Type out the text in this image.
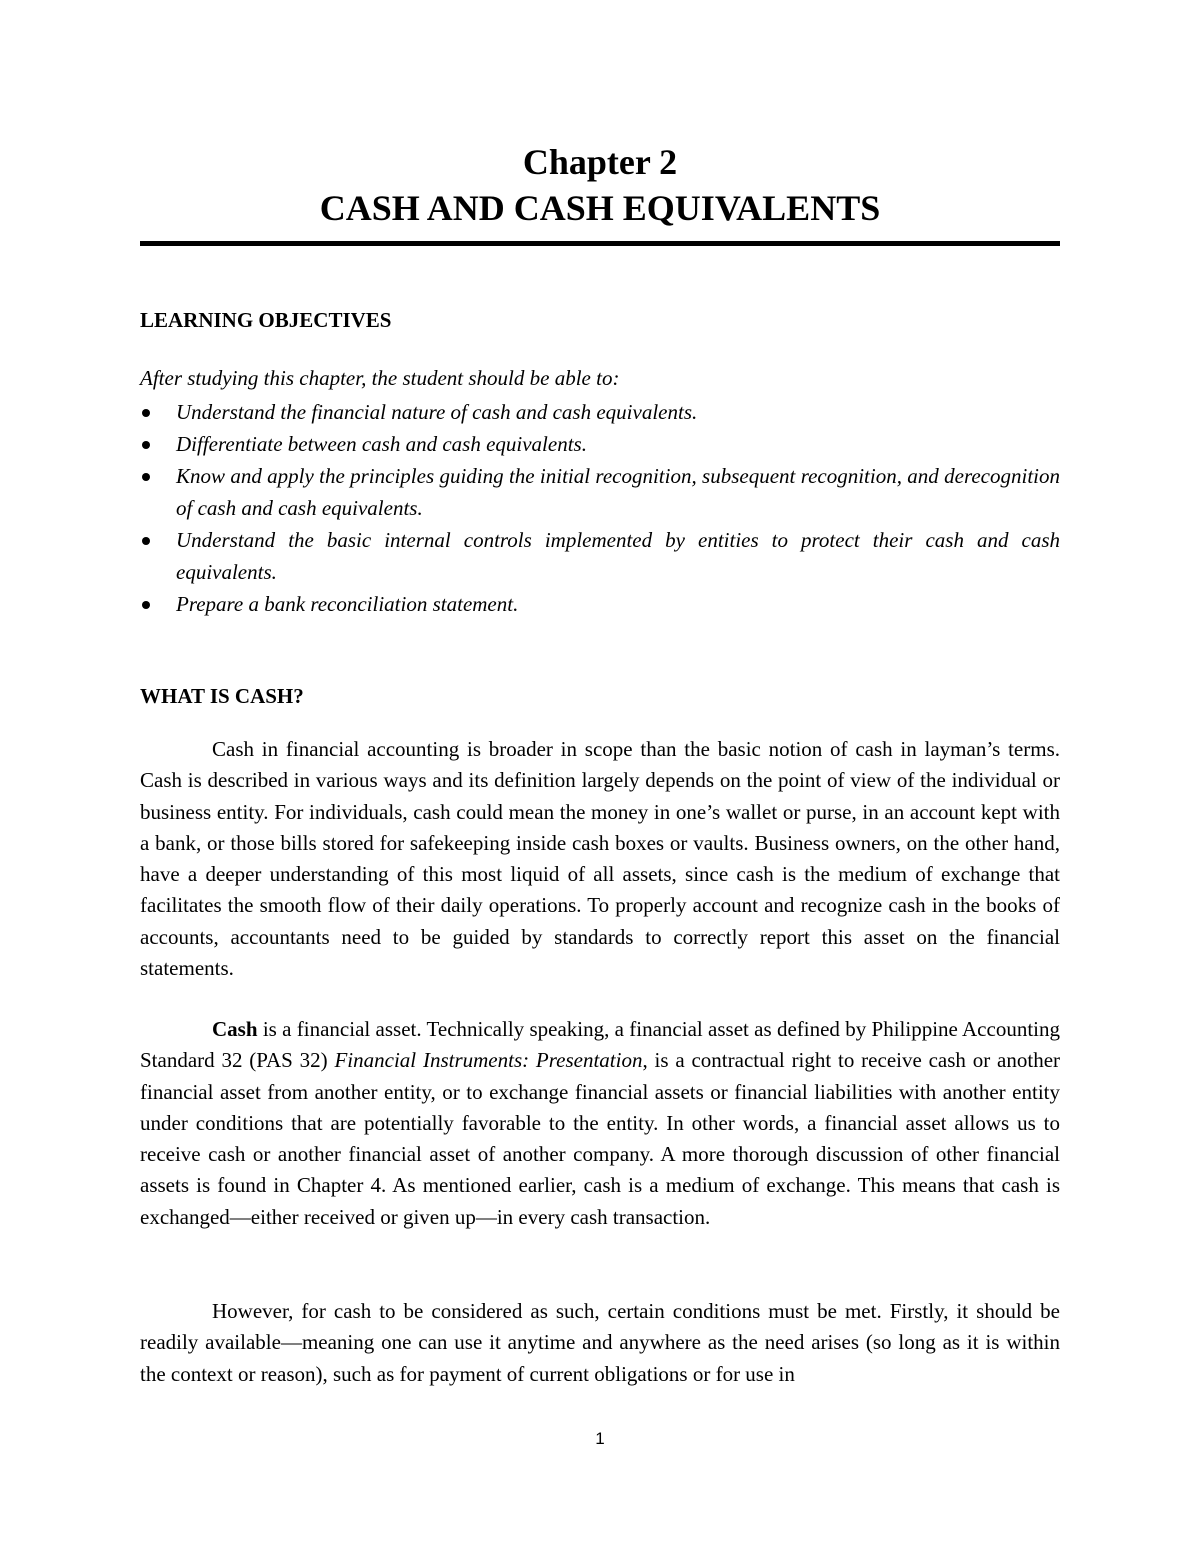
Chapter 2
CASH AND CASH EQUIVALENTS
LEARNING OBJECTIVES

After studying this chapter, the student should be able to:

Understand the financial nature of cash and cash equivalents.
Differentiate between cash and cash equivalents.
Know and apply the principles guiding the initial recognition, subsequent recognition, and derecognition of cash and cash equivalents.
Understand the basic internal controls implemented by entities to protect their cash and cash equivalents.
Prepare a bank reconciliation statement.
WHAT IS CASH?

Cash in financial accounting is broader in scope than the basic notion of cash in layman’s terms. Cash is described in various ways and its definition largely depends on the point of view of the individual or business entity. For individuals, cash could mean the money in one’s wallet or purse, in an account kept with a bank, or those bills stored for safekeeping inside cash boxes or vaults. Business owners, on the other hand, have a deeper understanding of this most liquid of all assets, since cash is the medium of exchange that facilitates the smooth flow of their daily operations. To properly account and recognize cash in the books of accounts, accountants need to be guided by standards to correctly report this asset on the financial statements.

Cash is a financial asset. Technically speaking, a financial asset as defined by Philippine Accounting Standard 32 (PAS 32) Financial Instruments: Presentation, is a contractual right to receive cash or another financial asset from another entity, or to exchange financial assets or financial liabilities with another entity under conditions that are potentially favorable to the entity. In other words, a financial asset allows us to receive cash or another financial asset of another company. A more thorough discussion of other financial assets is found in Chapter 4. As mentioned earlier, cash is a medium of exchange. This means that cash is exchanged—either received or given up—in every cash transaction.

However, for cash to be considered as such, certain conditions must be met. Firstly, it should be readily available—meaning one can use it anytime and anywhere as the need arises (so long as it is within the context or reason), such as for payment of current obligations or for use in

1
